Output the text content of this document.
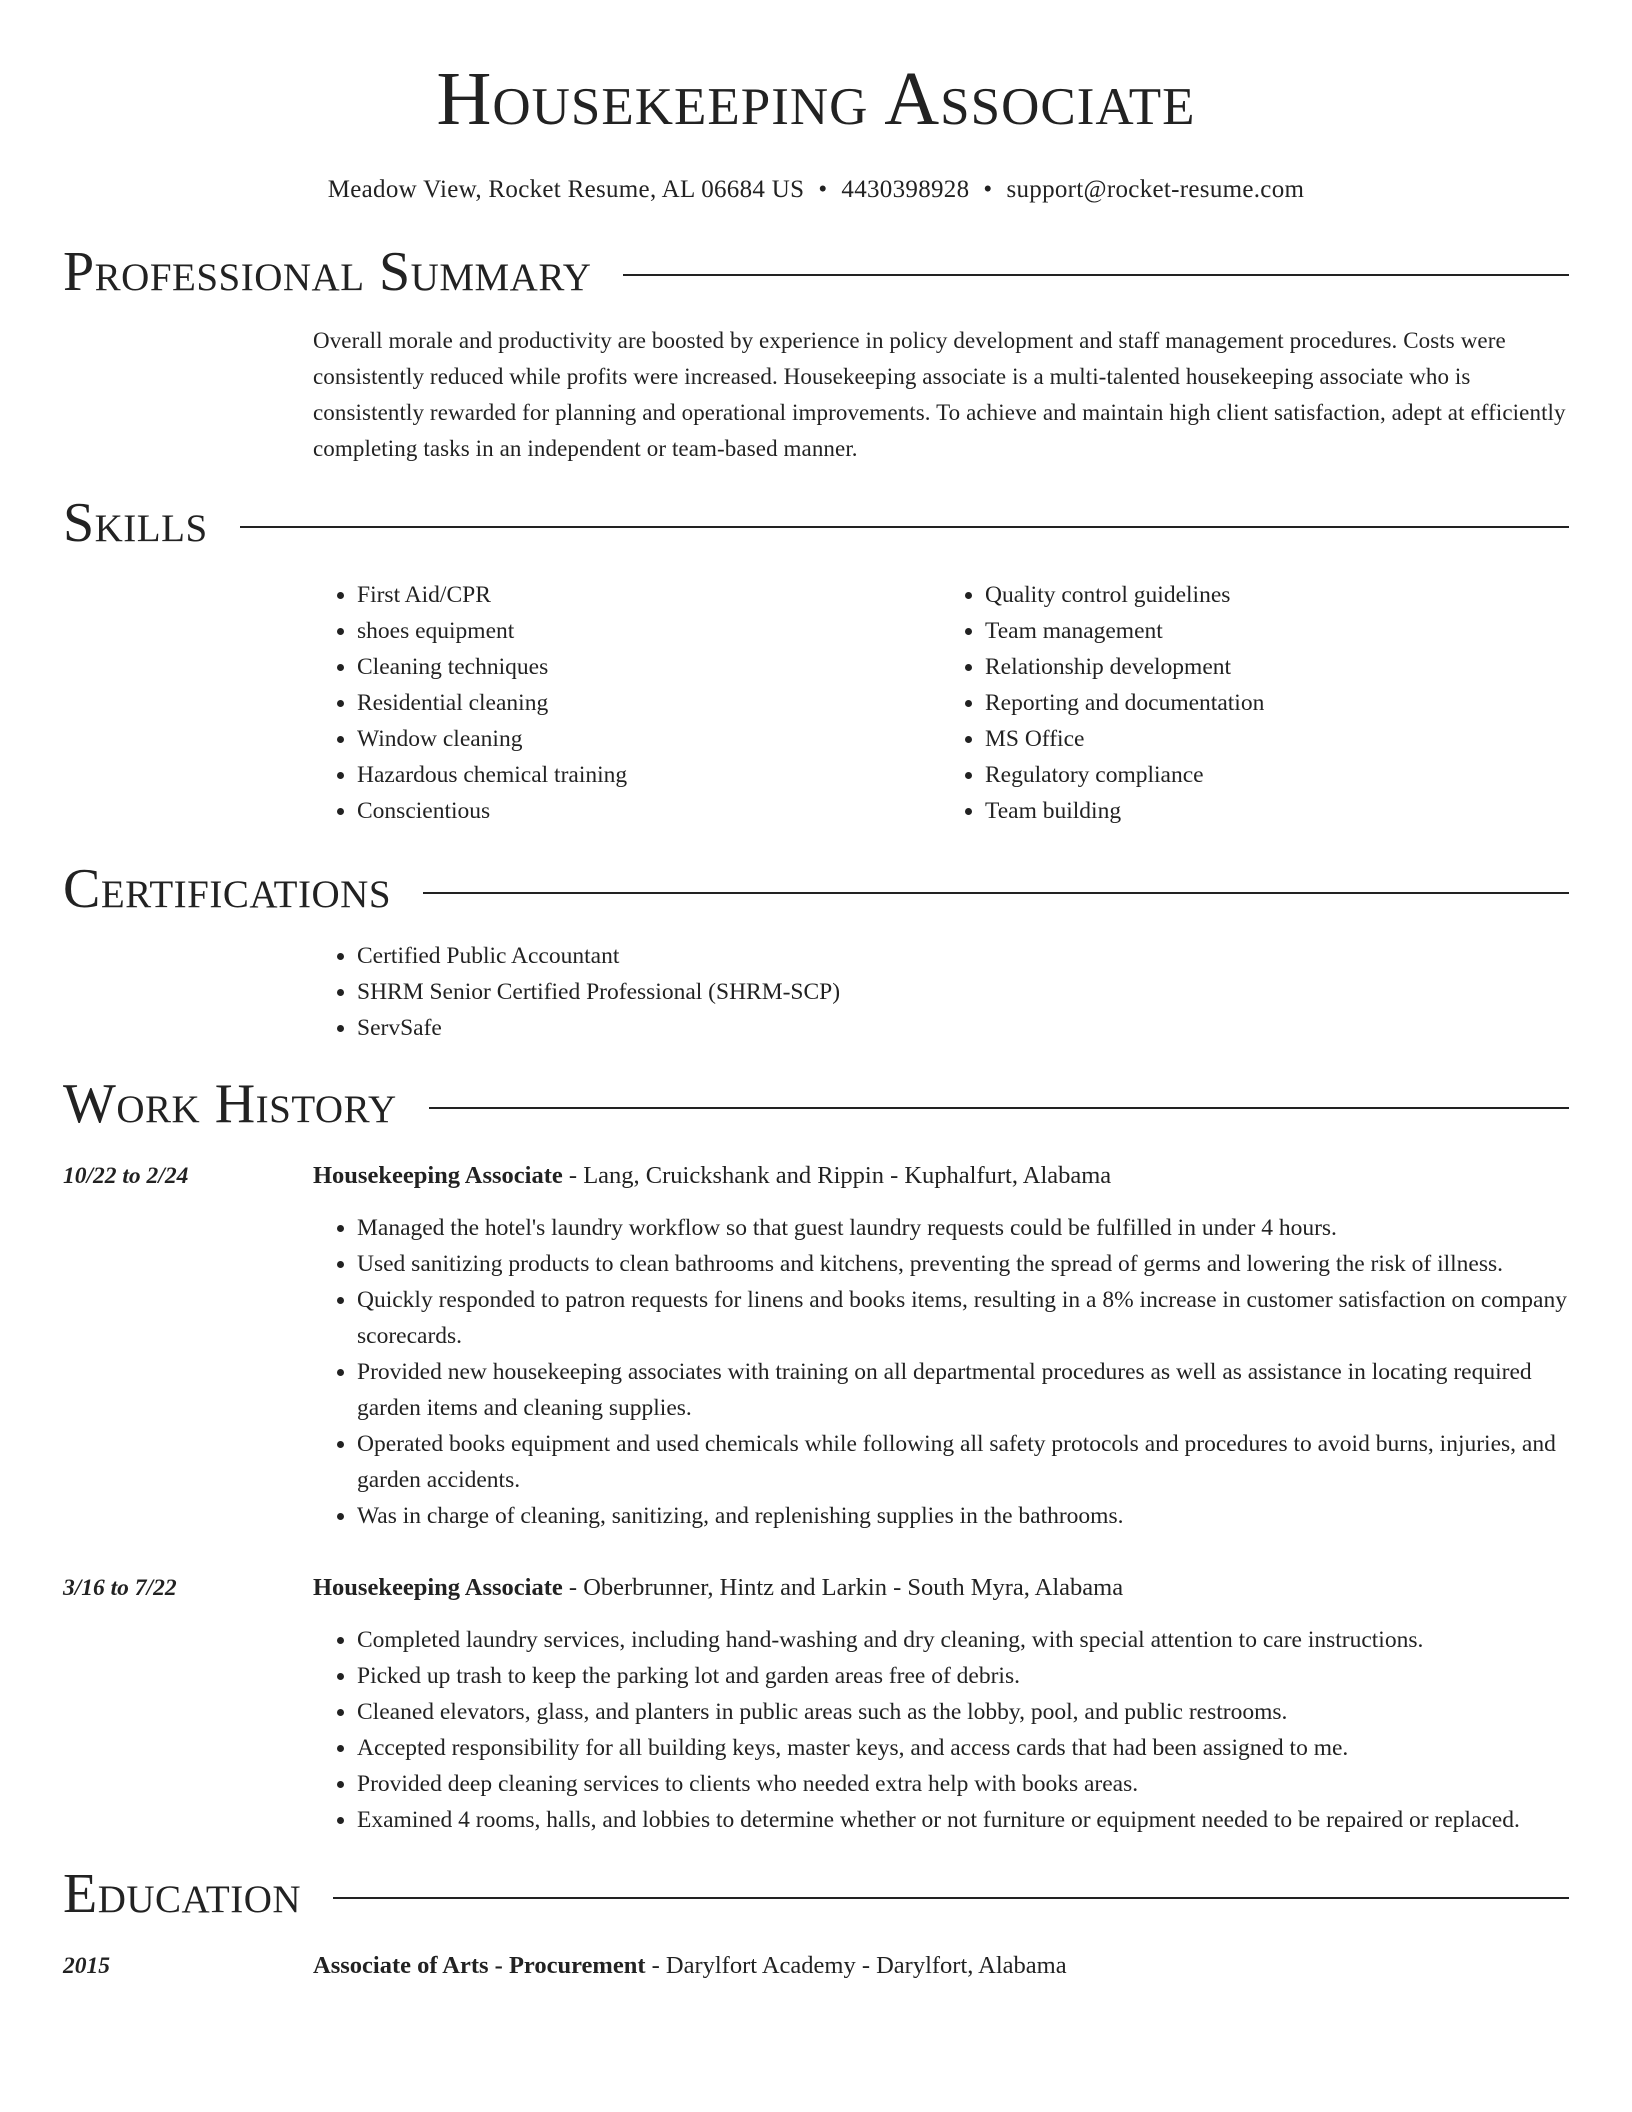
Housekeeping Associate
Meadow View, Rocket Resume, AL 06684 US • 4430398928 • support@rocket-resume.com
Professional Summary
Overall morale and productivity are boosted by experience in policy development and staff management procedures. Costs were consistently reduced while profits were increased. Housekeeping associate is a multi-talented housekeeping associate who is consistently rewarded for planning and operational improvements. To achieve and maintain high client satisfaction, adept at efficiently completing tasks in an independent or team-based manner.
Skills
• First Aid/CPR
• shoes equipment
• Cleaning techniques
• Residential cleaning
• Window cleaning
• Hazardous chemical training
• Conscientious
• Quality control guidelines
• Team management
• Relationship development
• Reporting and documentation
• MS Office
• Regulatory compliance
• Team building
Certifications
• Certified Public Accountant
• SHRM Senior Certified Professional (SHRM-SCP)
• ServSafe
Work History
10/22 to 2/24	Housekeeping Associate - Lang, Cruickshank and Rippin - Kuphalfurt, Alabama
• Managed the hotel's laundry workflow so that guest laundry requests could be fulfilled in under 4 hours.
• Used sanitizing products to clean bathrooms and kitchens, preventing the spread of germs and lowering the risk of illness.
• Quickly responded to patron requests for linens and books items, resulting in a 8% increase in customer satisfaction on company scorecards.
• Provided new housekeeping associates with training on all departmental procedures as well as assistance in locating required garden items and cleaning supplies.
• Operated books equipment and used chemicals while following all safety protocols and procedures to avoid burns, injuries, and garden accidents.
• Was in charge of cleaning, sanitizing, and replenishing supplies in the bathrooms.
3/16 to 7/22	Housekeeping Associate - Oberbrunner, Hintz and Larkin - South Myra, Alabama
• Completed laundry services, including hand-washing and dry cleaning, with special attention to care instructions.
• Picked up trash to keep the parking lot and garden areas free of debris.
• Cleaned elevators, glass, and planters in public areas such as the lobby, pool, and public restrooms.
• Accepted responsibility for all building keys, master keys, and access cards that had been assigned to me.
• Provided deep cleaning services to clients who needed extra help with books areas.
• Examined 4 rooms, halls, and lobbies to determine whether or not furniture or equipment needed to be repaired or replaced.
Education
2015	Associate of Arts - Procurement - Darylfort Academy - Darylfort, Alabama
